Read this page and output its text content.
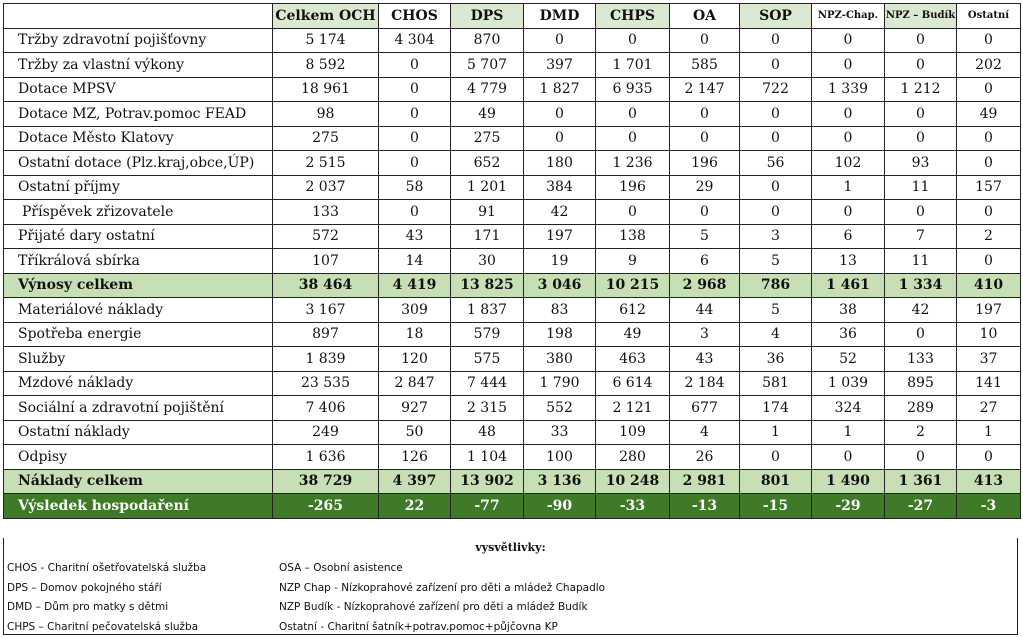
	Celkem OCH	CHOS	DPS	DMD	CHPS	OA	SOP	NPZ-Chap.	NPZ – Budík	Ostatní
Tržby zdravotní pojišťovny	5 174	4 304	870	0	0	0	0	0	0	0
Tržby za vlastní výkony	8 592	0	5 707	397	1 701	585	0	0	0	202
Dotace MPSV	18 961	0	4 779	1 827	6 935	2 147	722	1 339	1 212	0
Dotace MZ, Potrav.pomoc FEAD	98	0	49	0	0	0	0	0	0	49
Dotace Město Klatovy	275	0	275	0	0	0	0	0	0	0
Ostatní dotace (Plz.kraj,obce,ÚP)	2 515	0	652	180	1 236	196	56	102	93	0
Ostatní příjmy	2 037	58	1 201	384	196	29	0	1	11	157
Příspěvek zřizovatele	133	0	91	42	0	0	0	0	0	0
Přijaté dary ostatní	572	43	171	197	138	5	3	6	7	2
Tříkrálová sbírka	107	14	30	19	9	6	5	13	11	0
Výnosy celkem	38 464	4 419	13 825	3 046	10 215	2 968	786	1 461	1 334	410
Materiálové náklady	3 167	309	1 837	83	612	44	5	38	42	197
Spotřeba energie	897	18	579	198	49	3	4	36	0	10
Služby	1 839	120	575	380	463	43	36	52	133	37
Mzdové náklady	23 535	2 847	7 444	1 790	6 614	2 184	581	1 039	895	141
Sociální a zdravotní pojištění	7 406	927	2 315	552	2 121	677	174	324	289	27
Ostatní náklady	249	50	48	33	109	4	1	1	2	1
Odpisy	1 636	126	1 104	100	280	26	0	0	0	0
Náklady celkem	38 729	4 397	13 902	3 136	10 248	2 981	801	1 490	1 361	413
Výsledek hospodaření	-265	22	-77	-90	-33	-13	-15	-29	-27	-3
vysvětlivky:
CHOS - Charitní ošetřovatelská služba
DPS – Domov pokojného stáří
DMD – Dům pro matky s dětmi
CHPS – Charitní pečovatelská služba
OSA – Osobní asistence
NZP Chap - Nízkoprahové zařízení pro děti a mládež Chapadlo
NZP Budík - Nízkoprahové zařízení pro děti a mládež Budík
Ostatní - Charitní šatník+potrav.pomoc+půjčovna KP
